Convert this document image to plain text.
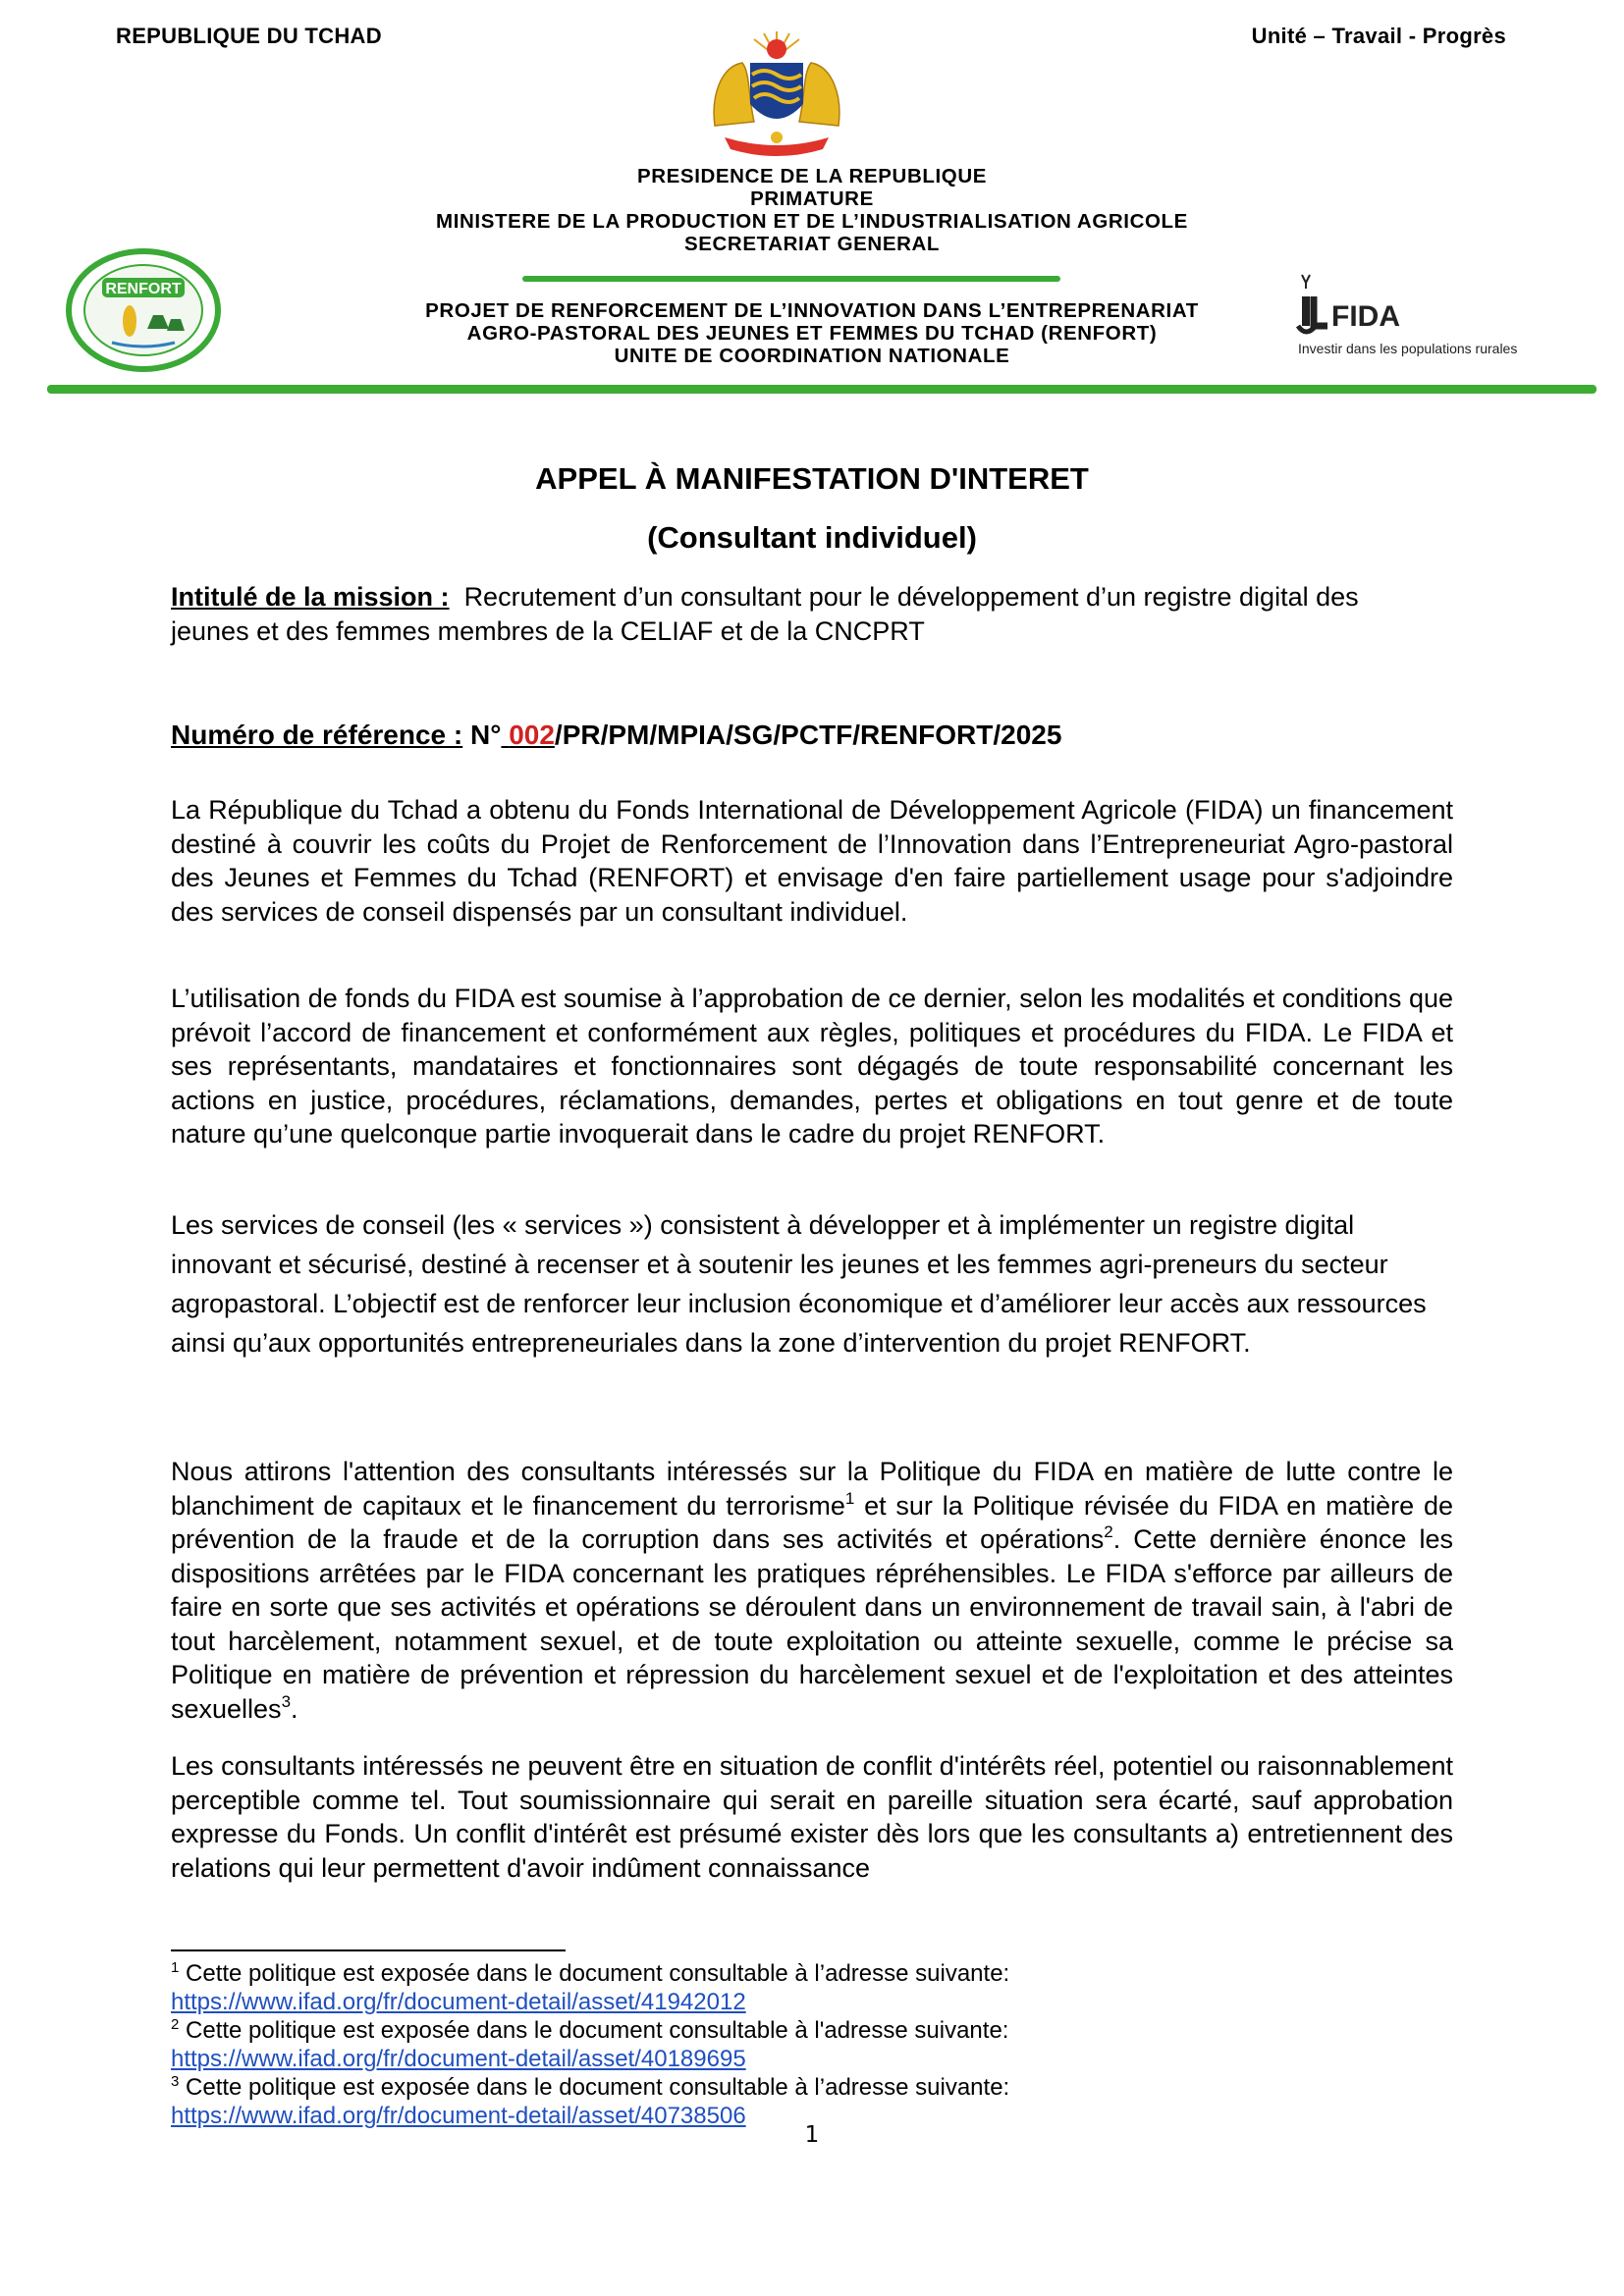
REPUBLIQUE DU TCHAD	Unité – Travail - Progrès
PRESIDENCE DE LA REPUBLIQUE
PRIMATURE
MINISTERE DE LA PRODUCTION ET DE L’INDUSTRIALISATION AGRICOLE
SECRETARIAT GENERAL
RENFORT
PROJET DE RENFORCEMENT DE L’INNOVATION DANS L’ENTREPRENARIAT
AGRO-PASTORAL DES JEUNES ET FEMMES DU TCHAD (RENFORT)
UNITE DE COORDINATION NATIONALE
FIDA
Investir dans les populations rurales
APPEL À MANIFESTATION D'INTERET
(Consultant individuel)
Intitulé de la mission : Recrutement d’un consultant pour le développement d’un registre digital des jeunes et des femmes membres de la CELIAF et de la CNCPRT
Numéro de référence : N° 002/PR/PM/MPIA/SG/PCTF/RENFORT/2025
La République du Tchad a obtenu du Fonds International de Développement Agricole (FIDA) un financement destiné à couvrir les coûts du Projet de Renforcement de l’Innovation dans l’Entrepreneuriat Agro-pastoral des Jeunes et Femmes du Tchad (RENFORT) et envisage d'en faire partiellement usage pour s'adjoindre des services de conseil dispensés par un consultant individuel.
L’utilisation de fonds du FIDA est soumise à l’approbation de ce dernier, selon les modalités et conditions que prévoit l’accord de financement et conformément aux règles, politiques et procédures du FIDA. Le FIDA et ses représentants, mandataires et fonctionnaires sont dégagés de toute responsabilité concernant les actions en justice, procédures, réclamations, demandes, pertes et obligations en tout genre et de toute nature qu’une quelconque partie invoquerait dans le cadre du projet RENFORT.
Les services de conseil (les « services ») consistent à développer et à implémenter un registre digital innovant et sécurisé, destiné à recenser et à soutenir les jeunes et les femmes agri-preneurs du secteur agropastoral. L’objectif est de renforcer leur inclusion économique et d’améliorer leur accès aux ressources ainsi qu’aux opportunités entrepreneuriales dans la zone d’intervention du projet RENFORT.
Nous attirons l'attention des consultants intéressés sur la Politique du FIDA en matière de lutte contre le blanchiment de capitaux et le financement du terrorisme$^1$ et sur la Politique révisée du FIDA en matière de prévention de la fraude et de la corruption dans ses activités et opérations$^2$. Cette dernière énonce les dispositions arrêtées par le FIDA concernant les pratiques répréhensibles. Le FIDA s'efforce par ailleurs de faire en sorte que ses activités et opérations se déroulent dans un environnement de travail sain, à l'abri de tout harcèlement, notamment sexuel, et de toute exploitation ou atteinte sexuelle, comme le précise sa Politique en matière de prévention et répression du harcèlement sexuel et de l'exploitation et des atteintes sexuelles$^3$.
Les consultants intéressés ne peuvent être en situation de conflit d'intérêts réel, potentiel ou raisonnablement perceptible comme tel. Tout soumissionnaire qui serait en pareille situation sera écarté, sauf approbation expresse du Fonds. Un conflit d'intérêt est présumé exister dès lors que les consultants a) entretiennent des relations qui leur permettent d'avoir indûment connaissance
$^1$ Cette politique est exposée dans le document consultable à l’adresse suivante:
https://www.ifad.org/fr/document-detail/asset/41942012
$^2$ Cette politique est exposée dans le document consultable à l'adresse suivante:
https://www.ifad.org/fr/document-detail/asset/40189695
$^3$ Cette politique est exposée dans le document consultable à l’adresse suivante:
https://www.ifad.org/fr/document-detail/asset/40738506
1
